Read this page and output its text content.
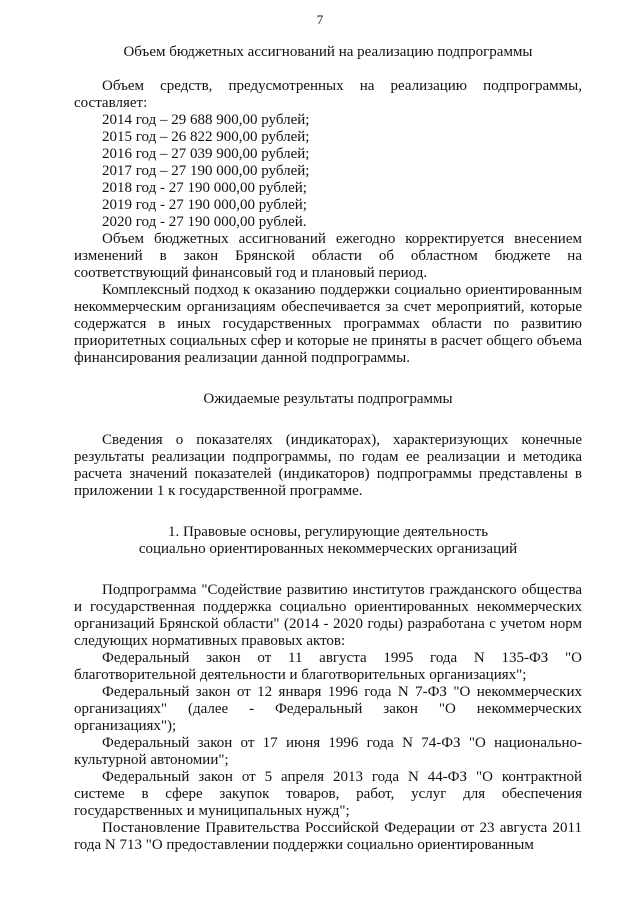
7

Объем бюджетных ассигнований на реализацию подпрограммы

Объем средств, предусмотренных на реализацию подпрограммы, составляет:

2014 год – 29 688 900,00 рублей;

2015 год – 26 822 900,00 рублей;

2016 год – 27 039 900,00 рублей;

2017 год – 27 190 000,00 рублей;

2018 год - 27 190 000,00 рублей;

2019 год - 27 190 000,00 рублей;

2020 год - 27 190 000,00 рублей.

Объем бюджетных ассигнований ежегодно корректируется внесением изменений в закон Брянской области об областном бюджете на соответствующий финансовый год и плановый период.

Комплексный подход к оказанию поддержки социально ориентированным некоммерческим организациям обеспечивается за счет мероприятий, которые содержатся в иных государственных программах области по развитию приоритетных социальных сфер и которые не приняты в расчет общего объема финансирования реализации данной подпрограммы.

Ожидаемые результаты подпрограммы

Сведения о показателях (индикаторах), характеризующих конечные результаты реализации подпрограммы, по годам ее реализации и методика расчета значений показателей (индикаторов) подпрограммы представлены в приложении 1 к государственной программе.

1. Правовые основы, регулирующие деятельность

социально ориентированных некоммерческих организаций

Подпрограмма "Содействие развитию институтов гражданского общества и государственная поддержка социально ориентированных некоммерческих организаций Брянской области" (2014 - 2020 годы) разработана с учетом норм следующих нормативных правовых актов:

Федеральный закон от 11 августа 1995 года N 135-ФЗ "О благотворительной деятельности и благотворительных организациях";

Федеральный закон от 12 января 1996 года N 7-ФЗ "О некоммерческих организациях" (далее - Федеральный закон "О некоммерческих организациях");

Федеральный закон от 17 июня 1996 года N 74-ФЗ "О национально-культурной автономии";

Федеральный закон от 5 апреля 2013 года N 44-ФЗ "О контрактной системе в сфере закупок товаров, работ, услуг для обеспечения государственных и муниципальных нужд";

Постановление Правительства Российской Федерации от 23 августа 2011 года N 713 "О предоставлении поддержки социально ориентированным
